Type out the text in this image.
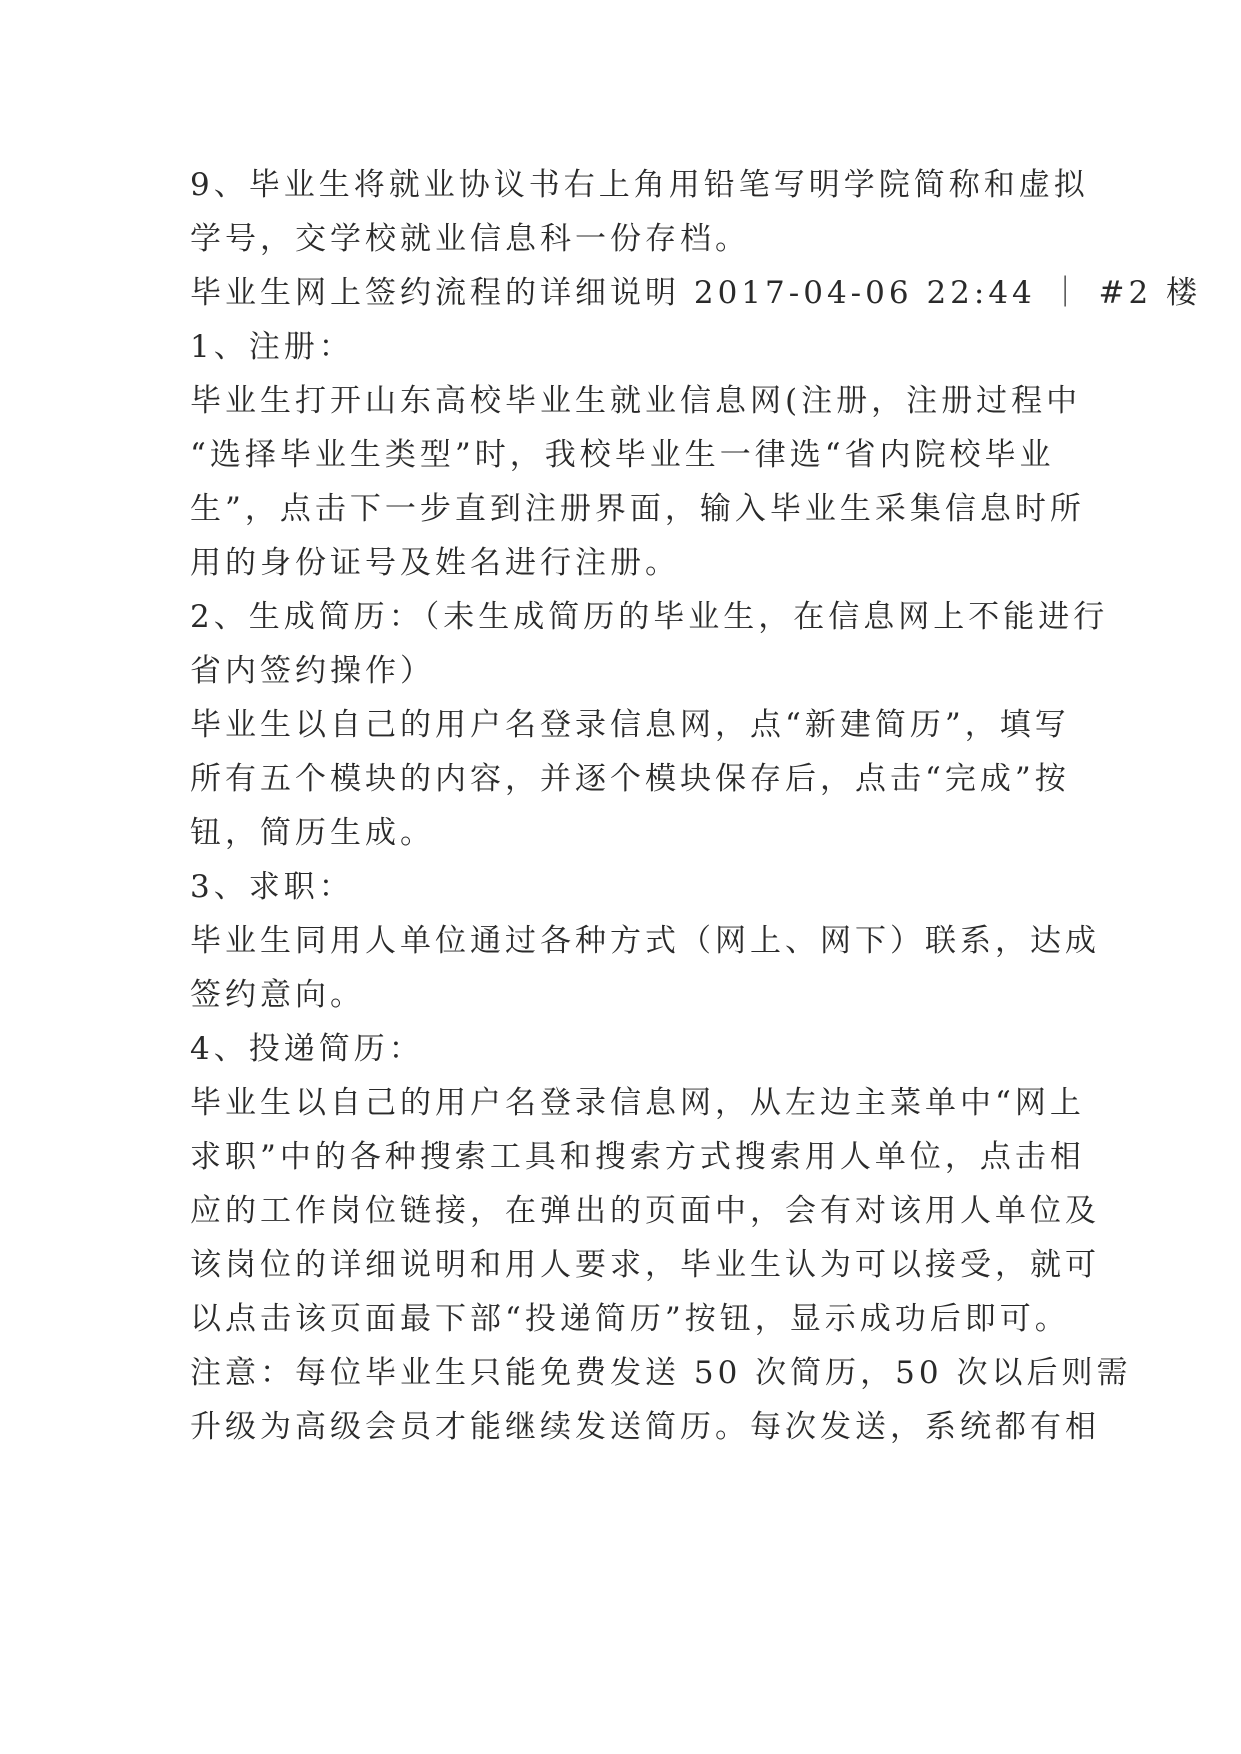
9、毕业生将就业协议书右上角用铅笔写明学院简称和虚拟
学号，交学校就业信息科一份存档。
毕业生网上签约流程的详细说明 2017-04-06 22:44 ｜ #2 楼
1、注册：
毕业生打开山东高校毕业生就业信息网(注册，注册过程中
“选择毕业生类型”时，我校毕业生一律选“省内院校毕业
生”，点击下一步直到注册界面，输入毕业生采集信息时所
用的身份证号及姓名进行注册。
2、生成简历：（未生成简历的毕业生，在信息网上不能进行
省内签约操作）
毕业生以自己的用户名登录信息网，点“新建简历”，填写
所有五个模块的内容，并逐个模块保存后，点击“完成”按
钮，简历生成。
3、求职：
毕业生同用人单位通过各种方式（网上、网下）联系，达成
签约意向。
4、投递简历：
毕业生以自己的用户名登录信息网，从左边主菜单中“网上
求职”中的各种搜索工具和搜索方式搜索用人单位，点击相
应的工作岗位链接，在弹出的页面中，会有对该用人单位及
该岗位的详细说明和用人要求，毕业生认为可以接受，就可
以点击该页面最下部“投递简历”按钮，显示成功后即可。
注意：每位毕业生只能免费发送 50 次简历，50 次以后则需
升级为高级会员才能继续发送简历。每次发送，系统都有相
